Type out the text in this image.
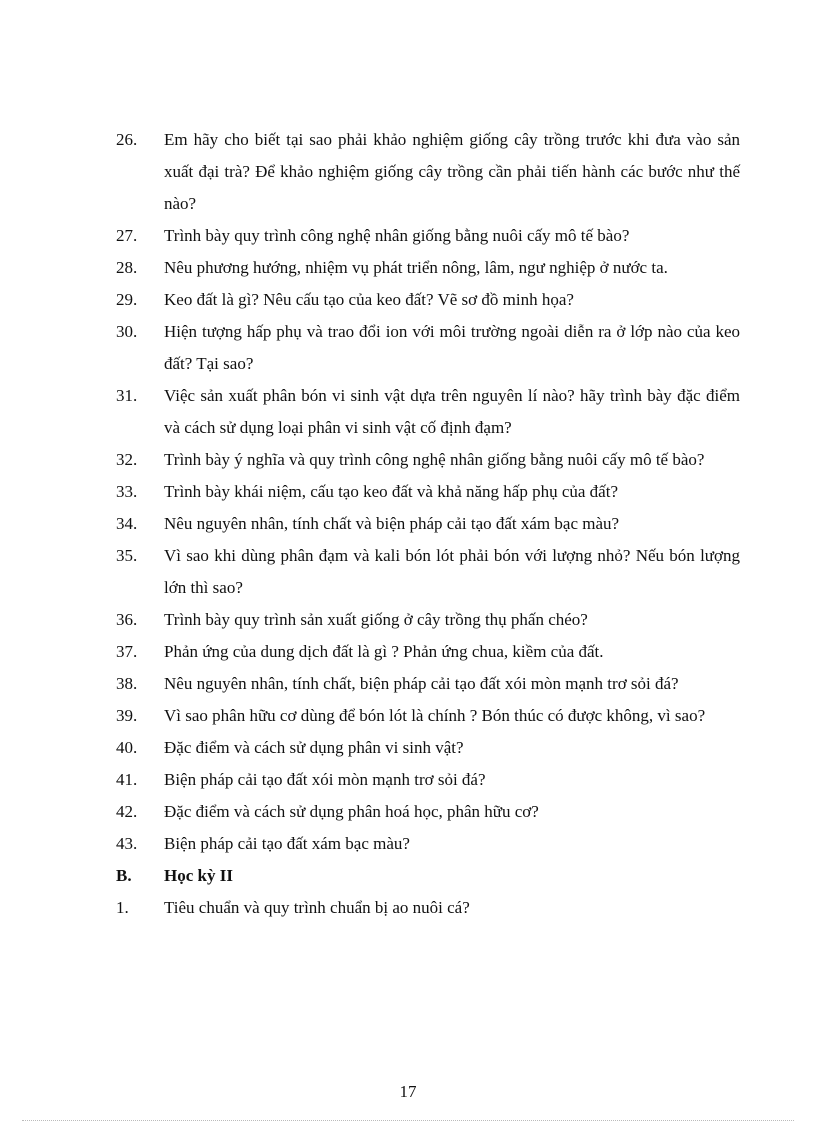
26.	Em hãy cho biết tại sao phải khảo nghiệm giống cây trồng trước khi đưa vào sản xuất đại trà? Để khảo nghiệm giống cây trồng cần phải tiến hành các bước như thế nào?
27.	Trình bày quy trình công nghệ nhân giống bằng nuôi cấy mô tế bào?
28.	Nêu phương hướng, nhiệm vụ phát triển nông, lâm, ngư nghiệp ở nước ta.
29.	Keo đất là gì? Nêu cấu tạo của keo đất? Vẽ sơ đồ minh họa?
30.	Hiện tượng hấp phụ và trao đổi ion với môi trường ngoài diễn ra ở lớp nào của keo đất? Tại sao?
31.	Việc sản xuất phân bón vi sinh vật dựa trên nguyên lí nào? hãy trình bày đặc điểm và cách sử dụng loại phân vi sinh vật cố định đạm?
32.	Trình bày ý nghĩa và quy trình công nghệ nhân giống bằng nuôi cấy mô tế bào?
33.	Trình bày khái niệm, cấu tạo keo đất và khả năng hấp phụ của đất?
34.	Nêu nguyên nhân, tính chất và biện pháp cải tạo đất xám bạc màu?
35.	Vì sao khi dùng phân đạm và kali bón lót phải bón với lượng nhỏ? Nếu bón lượng lớn thì sao?
36.	Trình bày quy trình sản xuất giống ở cây trồng thụ phấn chéo?
37.	Phản ứng của dung dịch đất là gì ? Phản ứng chua, kiềm của đất.
38.	Nêu nguyên nhân, tính chất, biện pháp cải tạo đất xói mòn mạnh trơ sỏi đá?
39.	Vì sao phân hữu cơ dùng để bón lót là chính ? Bón thúc có được không, vì sao?
40.	Đặc điểm và cách sử dụng phân vi sinh vật?
41.	Biện pháp cải tạo đất xói mòn mạnh trơ sỏi đá?
42.	Đặc điểm và cách sử dụng phân hoá học, phân hữu cơ?
43.	Biện pháp cải tạo đất xám bạc màu?
B.	Học kỳ II
1.	Tiêu chuẩn và quy trình chuẩn bị ao nuôi cá?
17
